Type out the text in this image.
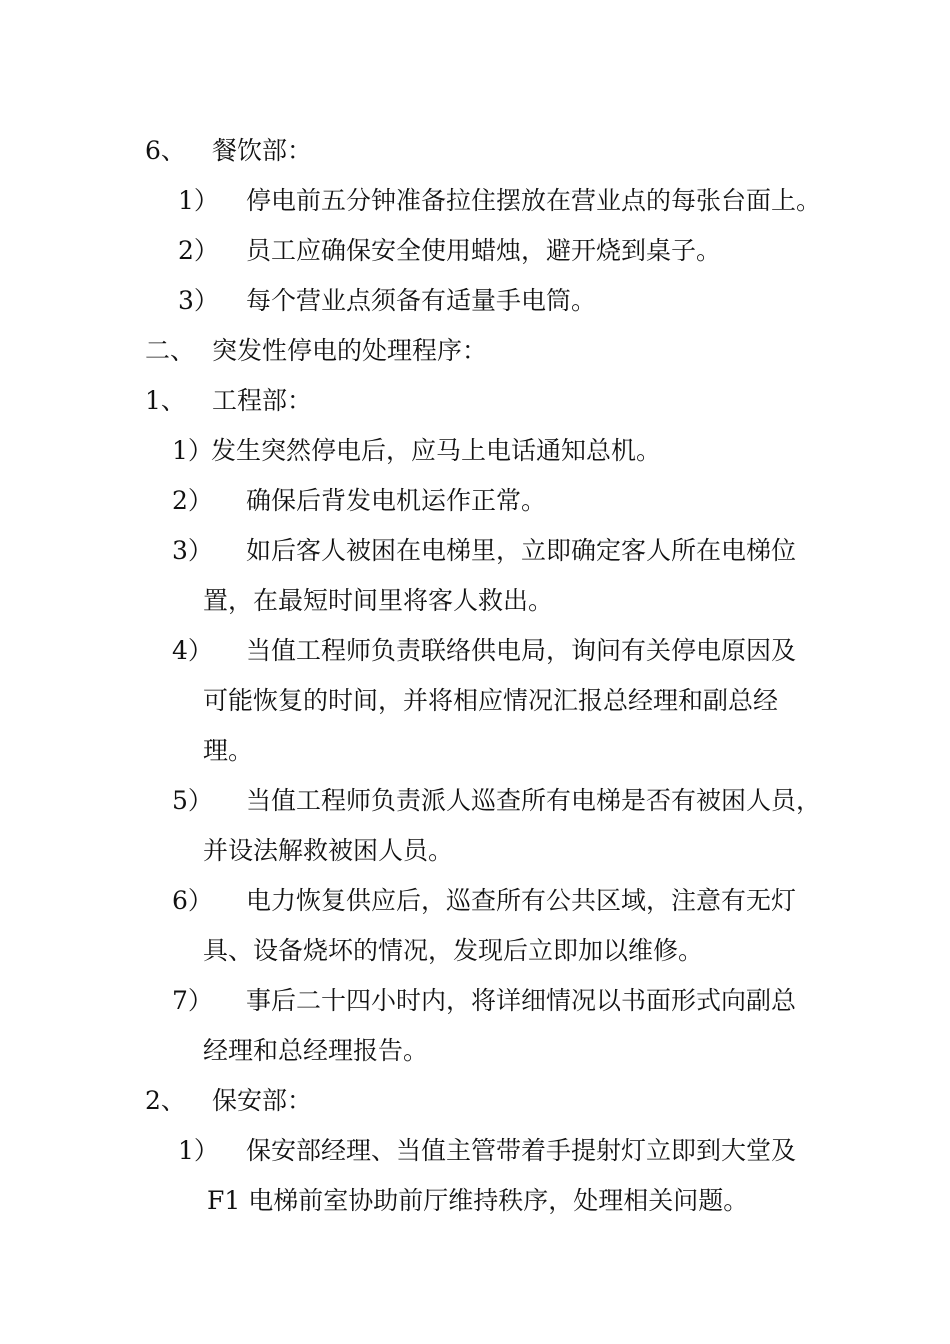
6、 餐饮部：
1） 停电前五分钟准备拉住摆放在营业点的每张台面上。
2） 员工应确保安全使用蜡烛，避开烧到桌子。
3） 每个营业点须备有适量手电筒。
二、 突发性停电的处理程序：
1、 工程部：
1）
发生突然停电后，应马上电话通知总机。
2） 确保后背发电机运作正常。
3） 如后客人被困在电梯里，立即确定客人所在电梯位
置，在最短时间里将客人救出。
4） 当值工程师负责联络供电局，询问有关停电原因及
可能恢复的时间，并将相应情况汇报总经理和副总经
理。
5） 当值工程师负责派人巡查所有电梯是否有被困人员，
并设法解救被困人员。
6） 电力恢复供应后，巡查所有公共区域，注意有无灯
具、设备烧坏的情况，发现后立即加以维修。
7） 事后二十四小时内，将详细情况以书面形式向副总
经理和总经理报告。
2、 保安部：
1） 保安部经理、当值主管带着手提射灯立即到大堂及
F1 电梯前室协助前厅维持秩序，处理相关问题。
